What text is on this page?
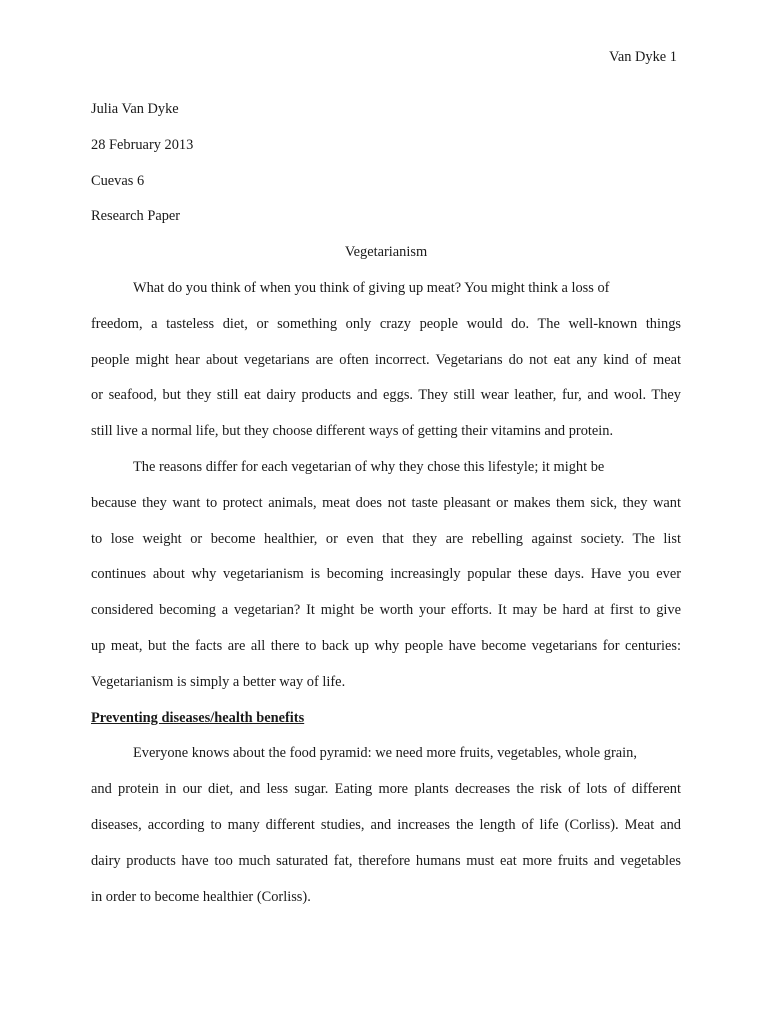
Van Dyke 1
Julia Van Dyke
28 February 2013
Cuevas 6
Research Paper
Vegetarianism
What do you think of when you think of giving up meat? You might think a loss of
freedom, a tasteless diet, or something only crazy people would do. The well-known things
people might hear about vegetarians are often incorrect. Vegetarians do not eat any kind of meat
or seafood, but they still eat dairy products and eggs. They still wear leather, fur, and wool. They
still live a normal life, but they choose different ways of getting their vitamins and protein.
The reasons differ for each vegetarian of why they chose this lifestyle; it might be
because they want to protect animals, meat does not taste pleasant or makes them sick, they want
to lose weight or become healthier, or even that they are rebelling against society. The list
continues about why vegetarianism is becoming increasingly popular these days. Have you ever
considered becoming a vegetarian? It might be worth your efforts. It may be hard at first to give
up meat, but the facts are all there to back up why people have become vegetarians for centuries:
Vegetarianism is simply a better way of life.
Preventing diseases/health benefits
Everyone knows about the food pyramid: we need more fruits, vegetables, whole grain,
and protein in our diet, and less sugar. Eating more plants decreases the risk of lots of different
diseases, according to many different studies, and increases the length of life (Corliss). Meat and
dairy products have too much saturated fat, therefore humans must eat more fruits and vegetables
in order to become healthier (Corliss).
